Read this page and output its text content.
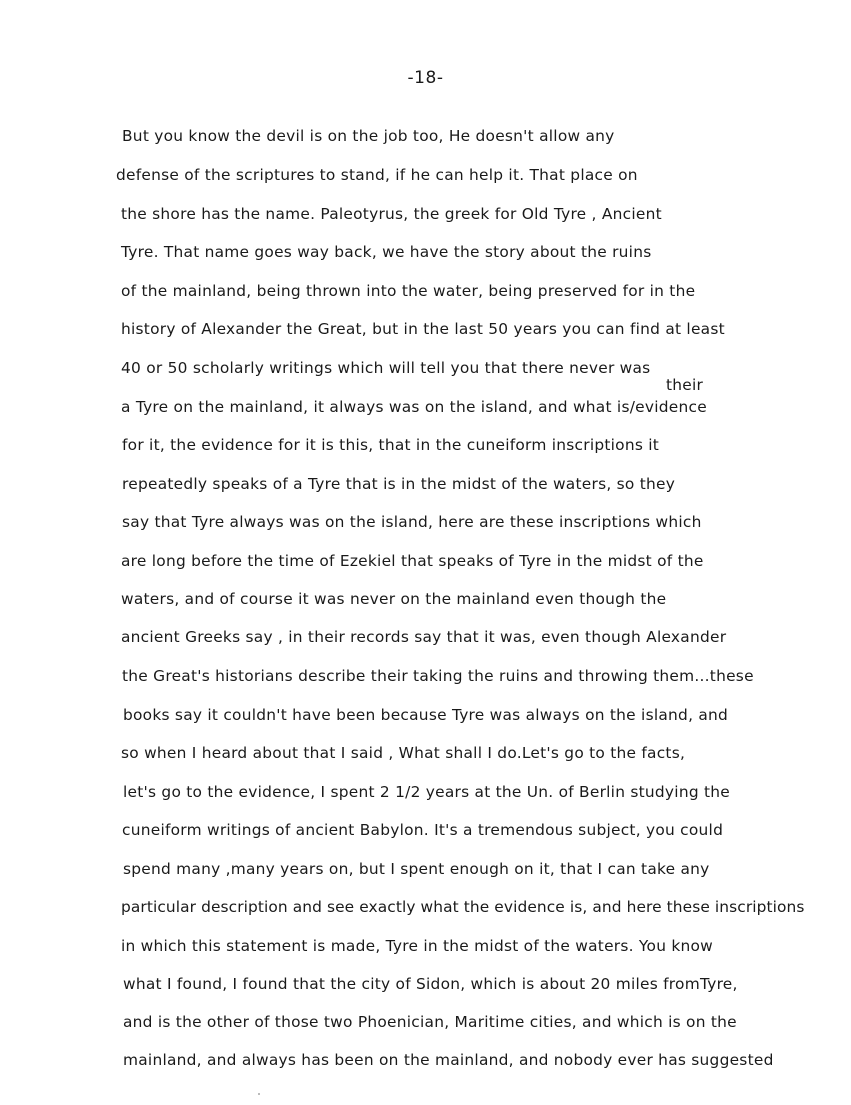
-18-
their
But you know the devil is on the job too, He doesn't allow any
defense of the scriptures to stand, if he can help it. That place on
the shore has the name. Paleotyrus, the greek for Old Tyre , Ancient
Tyre. That name goes way back, we have the story about the ruins
of the mainland, being thrown into the water, being preserved for in the
history of Alexander the Great, but in the last 50 years you can find at least
40 or 50 scholarly writings which will tell you that there never was
a Tyre on the mainland, it always was on the island, and what is/evidence
for it, the evidence for it is this, that in the cuneiform inscriptions it
repeatedly speaks of a Tyre that is in the midst of the waters, so they
say that Tyre always was on the island, here are these inscriptions which
are long before the time of Ezekiel that speaks of Tyre in the midst of the
waters, and of course it was never on the mainland even though the
ancient Greeks say , in their records say that it was, even though Alexander
the Great's historians describe their taking the ruins and throwing them...these
books say it couldn't have been because Tyre was always on the island, and
so when I heard about that I said , What shall I do.Let's go to the facts,
let's go to the evidence, I spent 2 1/2 years at the Un. of Berlin studying the
cuneiform writings of ancient Babylon. It's a tremendous subject, you could
spend many ,many years on, but I spent enough on it, that I can take any
particular description and see exactly what the evidence is, and here these inscriptions
in which this statement is made, Tyre in the midst of the waters. You know
what I found, I found that the city of Sidon, which is about 20 miles fromTyre,
and is the other of those two Phoenician, Maritime cities, and which is on the
mainland, and always has been on the mainland, and nobody ever has suggested
